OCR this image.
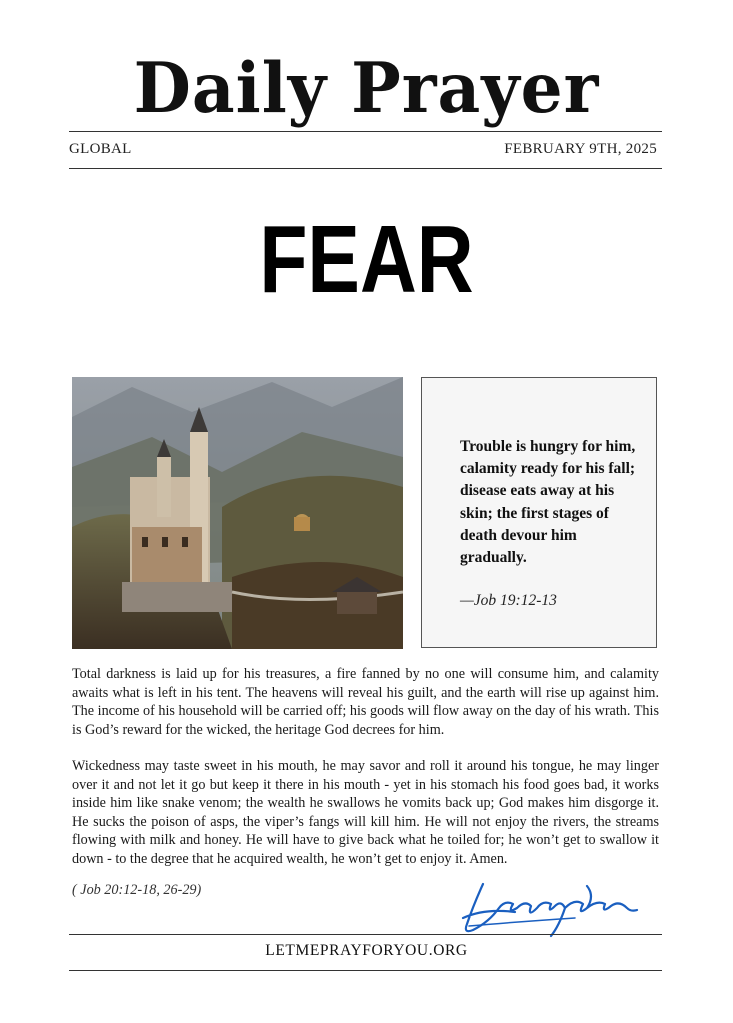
Daily Prayer
GLOBAL	FEBRUARY 9TH, 2025
FEAR
Trouble is hungry for him, calamity ready for his fall; disease eats away at his skin; the first stages of death devour him gradually.
—Job 19:12-13
Total darkness is laid up for his treasures, a fire fanned by no one will consume him, and calamity awaits what is left in his tent. The heavens will reveal his guilt, and the earth will rise up against him. The income of his household will be carried off; his goods will flow away on the day of his wrath. This is God’s reward for the wicked, the heritage God decrees for him.
Wickedness may taste sweet in his mouth, he may savor and roll it around his tongue, he may linger over it and not let it go but keep it there in his mouth - yet in his stomach his food goes bad, it works inside him like snake venom; the wealth he swallows he vomits back up; God makes him disgorge it. He sucks the poison of asps, the viper’s fangs will kill him. He will not enjoy the rivers, the streams flowing with milk and honey. He will have to give back what he toiled for; he won’t get to swallow it down - to the degree that he acquired wealth, he won’t get to enjoy it. Amen.
( Job 20:12-18, 26-29)
LETMEPRAYFORYOU.ORG
